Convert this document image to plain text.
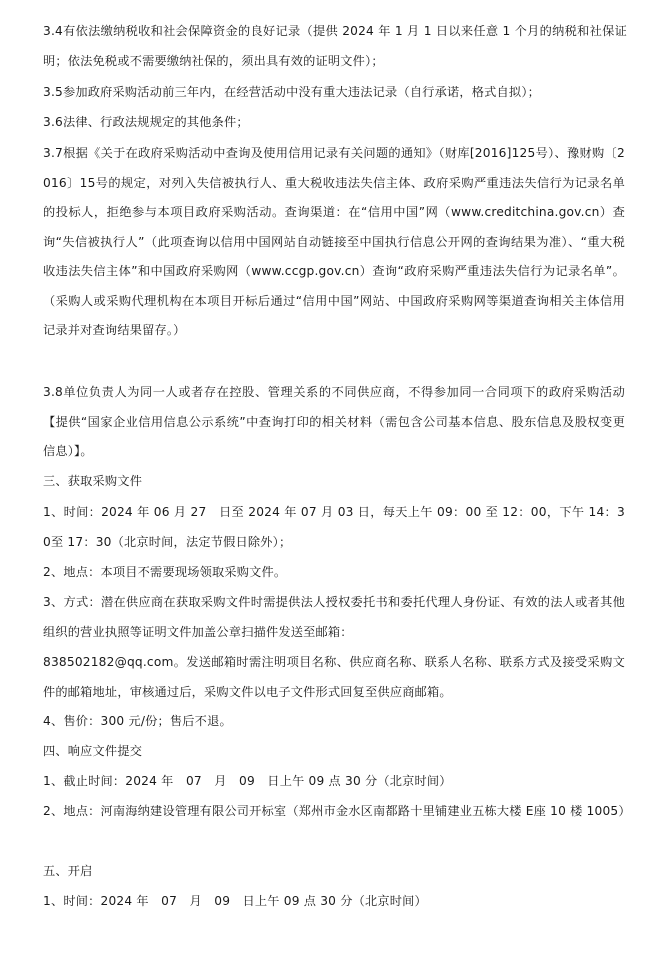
3.4有依法缴纳税收和社会保障资金的良好记录（提供 2024 年 1 月 1 日以来任意 1 个月的纳税和社保证明；依法免税或不需要缴纳社保的，须出具有效的证明文件）；
3.5参加政府采购活动前三年内，在经营活动中没有重大违法记录（自行承诺，格式自拟）；
3.6法律、行政法规规定的其他条件；
3.7根据《关于在政府采购活动中查询及使用信用记录有关问题的通知》（财库[2016]125号）、豫财购〔2016〕15号的规定，对列入失信被执行人、重大税收违法失信主体、政府采购严重违法失信行为记录名单的投标人，拒绝参与本项目政府采购活动。查询渠道：在“信用中国”网（www.creditchina.gov.cn）查询“失信被执行人”（此项查询以信用中国网站自动链接至中国执行信息公开网的查询结果为准）、“重大税收违法失信主体”和中国政府采购网（www.ccgp.gov.cn）查询“政府采购严重违法失信行为记录名单”。（采购人或采购代理机构在本项目开标后通过“信用中国”网站、中国政府采购网等渠道查询相关主体信用记录并对查询结果留存。）
3.8单位负责人为同一人或者存在控股、管理关系的不同供应商，不得参加同一合同项下的政府采购活动【提供“国家企业信用信息公示系统”中查询打印的相关材料（需包含公司基本信息、股东信息及股权变更信息）】。
三、获取采购文件
1、时间：2024 年 06 月 27　日至 2024 年 07 月 03 日，每天上午 09：00 至 12：00，下午 14：30至 17：30（北京时间，法定节假日除外）；
2、地点：本项目不需要现场领取采购文件。
3、方式：潜在供应商在获取采购文件时需提供法人授权委托书和委托代理人身份证、有效的法人或者其他组织的营业执照等证明文件加盖公章扫描件发送至邮箱：
838502182@qq.com。发送邮箱时需注明项目名称、供应商名称、联系人名称、联系方式及接受采购文件的邮箱地址，审核通过后，采购文件以电子文件形式回复至供应商邮箱。
4、售价：300 元/份；售后不退。
四、响应文件提交
1、截止时间：2024 年　07　月　09　日上午 09 点 30 分（北京时间）
2、地点：河南海纳建设管理有限公司开标室（郑州市金水区南都路十里铺建业五栋大楼 E座 10 楼 1005）
五、开启
1、时间：2024 年　07　月　09　日上午 09 点 30 分（北京时间）
